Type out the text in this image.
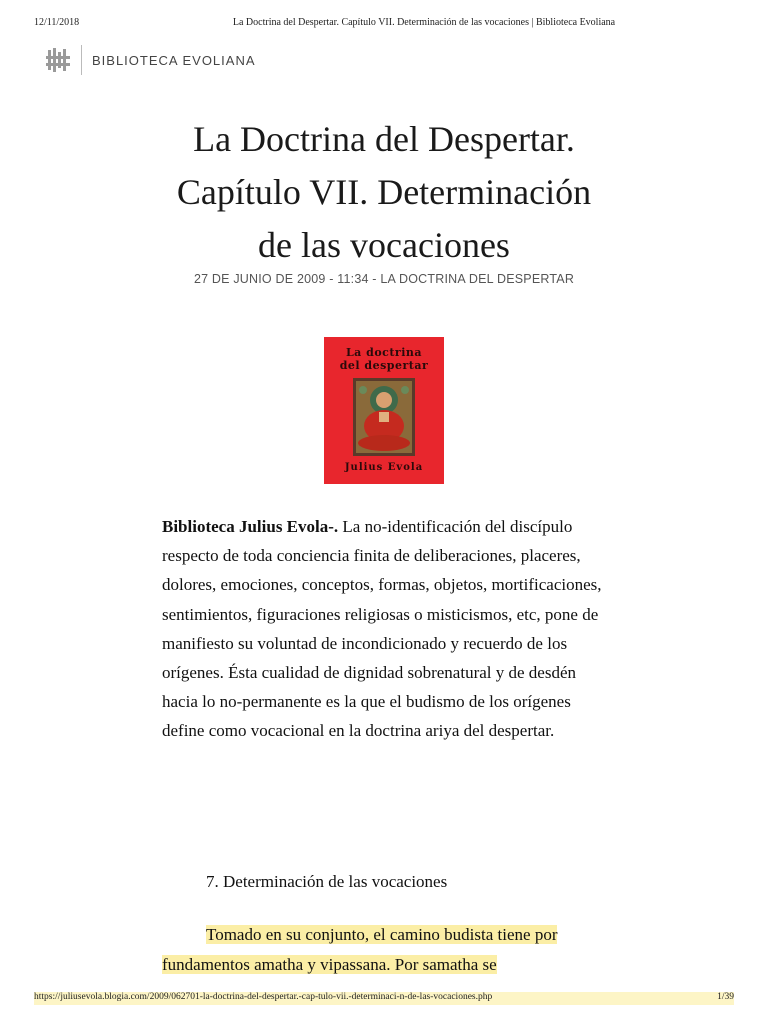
12/11/2018	La Doctrina del Despertar. Capítulo VII. Determinación de las vocaciones | Biblioteca Evoliana
BIBLIOTECA EVOLIANA
La Doctrina del Despertar.
Capítulo VII. Determinación
de las vocaciones
27 DE JUNIO DE 2009 - 11:34 - LA DOCTRINA DEL DESPERTAR
La doctrina
del despertar
Julius Evola
Biblioteca Julius Evola-. La no-identificación del discípulo respecto de toda conciencia finita de deliberaciones, placeres, dolores, emociones, conceptos, formas, objetos, mortificaciones, sentimientos, figuraciones religiosas o misticismos, etc, pone de manifiesto su voluntad de incondicionado y recuerdo de los orígenes. Ésta cualidad de dignidad sobrenatural y de desdén hacia lo no-permanente es la que el budismo de los orígenes define como vocacional en la doctrina ariya del despertar.
7. Determinación de las vocaciones
Tomado en su conjunto, el camino budista tiene por
fundamentos amatha y vipassana. Por samatha se
https://juliusevola.blogia.com/2009/062701-la-doctrina-del-despertar.-cap-tulo-vii.-determinaci-n-de-las-vocaciones.php	1/39
